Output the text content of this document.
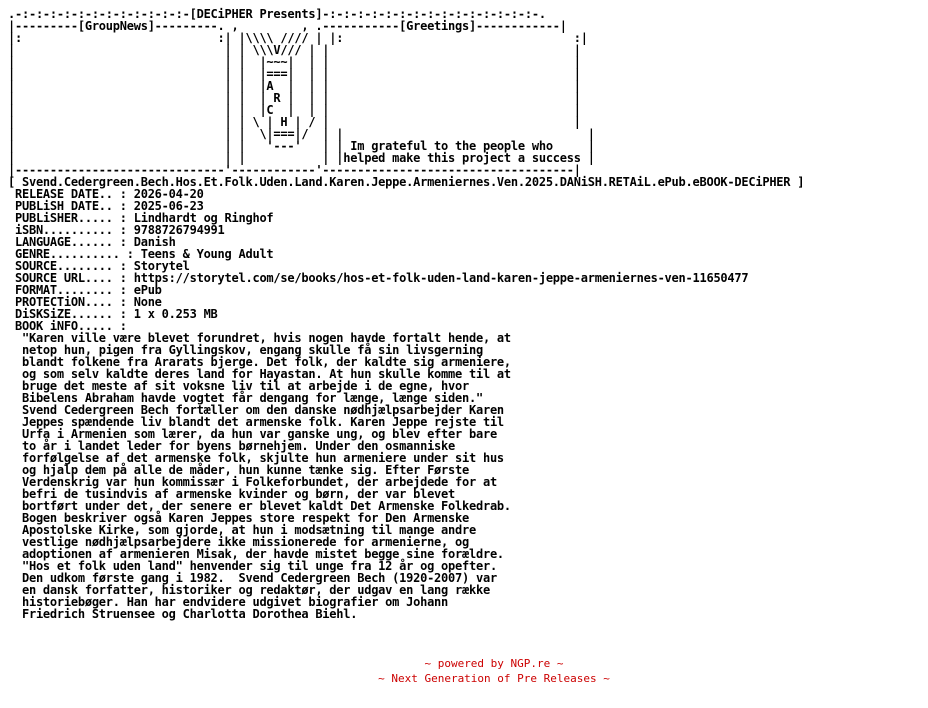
.-:-:-:-:-:-:-:-:-:-:-:-:-[DECiPHER Presents]-:-:-:-:-:-:-:-:-:-:-:-:-:-:-:-.
|---------[GroupNews]---------. ,         , .-----------[Greetings]------------|
|:                            :| |\\\\ //// | |:                                 :|
|                              | | \\\V/// | |                                   |
|                              | |  |~~~|  | |                                   |
|                              | |  |===|  | |                                   |
|                              | |  |A  |  | |                                   |
|                              | |  | R |  | |                                   |
|                              | |  |C  |  | |                                   |
|                              | | \ | H | / |                                   |
|                              | |  \|===|/  | |                                   |
|                              | |   '---'   | | Im grateful to the people who     |
|                              | |           | |helped make this project a success |
|------------------------------'------------'------------------------------------|
[ Svend.Cedergreen.Bech.Hos.Et.Folk.Uden.Land.Karen.Jeppe.Armeniernes.Ven.2025.DANiSH.RETAiL.ePub.eBOOK-DECiPHER ]
RELEASE DATE.. : 2026-04-20
PUBLiSH DATE.. : 2025-06-23
PUBLiSHER..... : Lindhardt og Ringhof
iSBN.......... : 9788726794991
LANGUAGE...... : Danish
GENRE.......... : Teens & Young Adult
SOURCE........ : Storytel
SOURCE URL.... : https://storytel.com/se/books/hos-et-folk-uden-land-karen-jeppe-armeniernes-ven-11650477
FORMAT........ : ePub
PROTECTiON.... : None
DiSKSiZE...... : 1 x 0.253 MB
BOOK iNFO..... :
"Karen ville være blevet forundret, hvis nogen havde fortalt hende, at
netop hun, pigen fra Gyllingskov, engang skulle få sin livsgerning
blandt folkene fra Ararats bjerge. Det folk, der kaldte sig armeniere,
og som selv kaldte deres land for Hayastan. At hun skulle komme til at
bruge det meste af sit voksne liv til at arbejde i de egne, hvor
Bibelens Abraham havde vogtet får dengang for længe, længe siden."
Svend Cedergreen Bech fortæller om den danske nødhjælpsarbejder Karen
Jeppes spændende liv blandt det armenske folk. Karen Jeppe rejste til
Urfa i Armenien som lærer, da hun var ganske ung, og blev efter bare
to år i landet leder for byens børnehjem. Under den osmanniske
forfølgelse af det armenske folk, skjulte hun armeniere under sit hus
og hjalp dem på alle de måder, hun kunne tænke sig. Efter Første
Verdenskrig var hun kommissær i Folkeforbundet, der arbejdede for at
befri de tusindvis af armenske kvinder og børn, der var blevet
bortført under det, der senere er blevet kaldt Det Armenske Folkedrab.
Bogen beskriver også Karen Jeppes store respekt for Den Armenske
Apostolske Kirke, som gjorde, at hun i modsætning til mange andre
vestlige nødhjælpsarbejdere ikke missionerede for armenierne, og
adoptionen af armenieren Misak, der havde mistet begge sine forældre.
"Hos et folk uden land" henvender sig til unge fra 12 år og opefter.
Den udkom første gang i 1982.  Svend Cedergreen Bech (1920-2007) var
en dansk forfatter, historiker og redaktør, der udgav en lang række
historiebøger. Han har endvidere udgivet biografier om Johann
Friedrich Struensee og Charlotta Dorothea Biehl.
~ powered by NGP.re ~
~ Next Generation of Pre Releases ~
